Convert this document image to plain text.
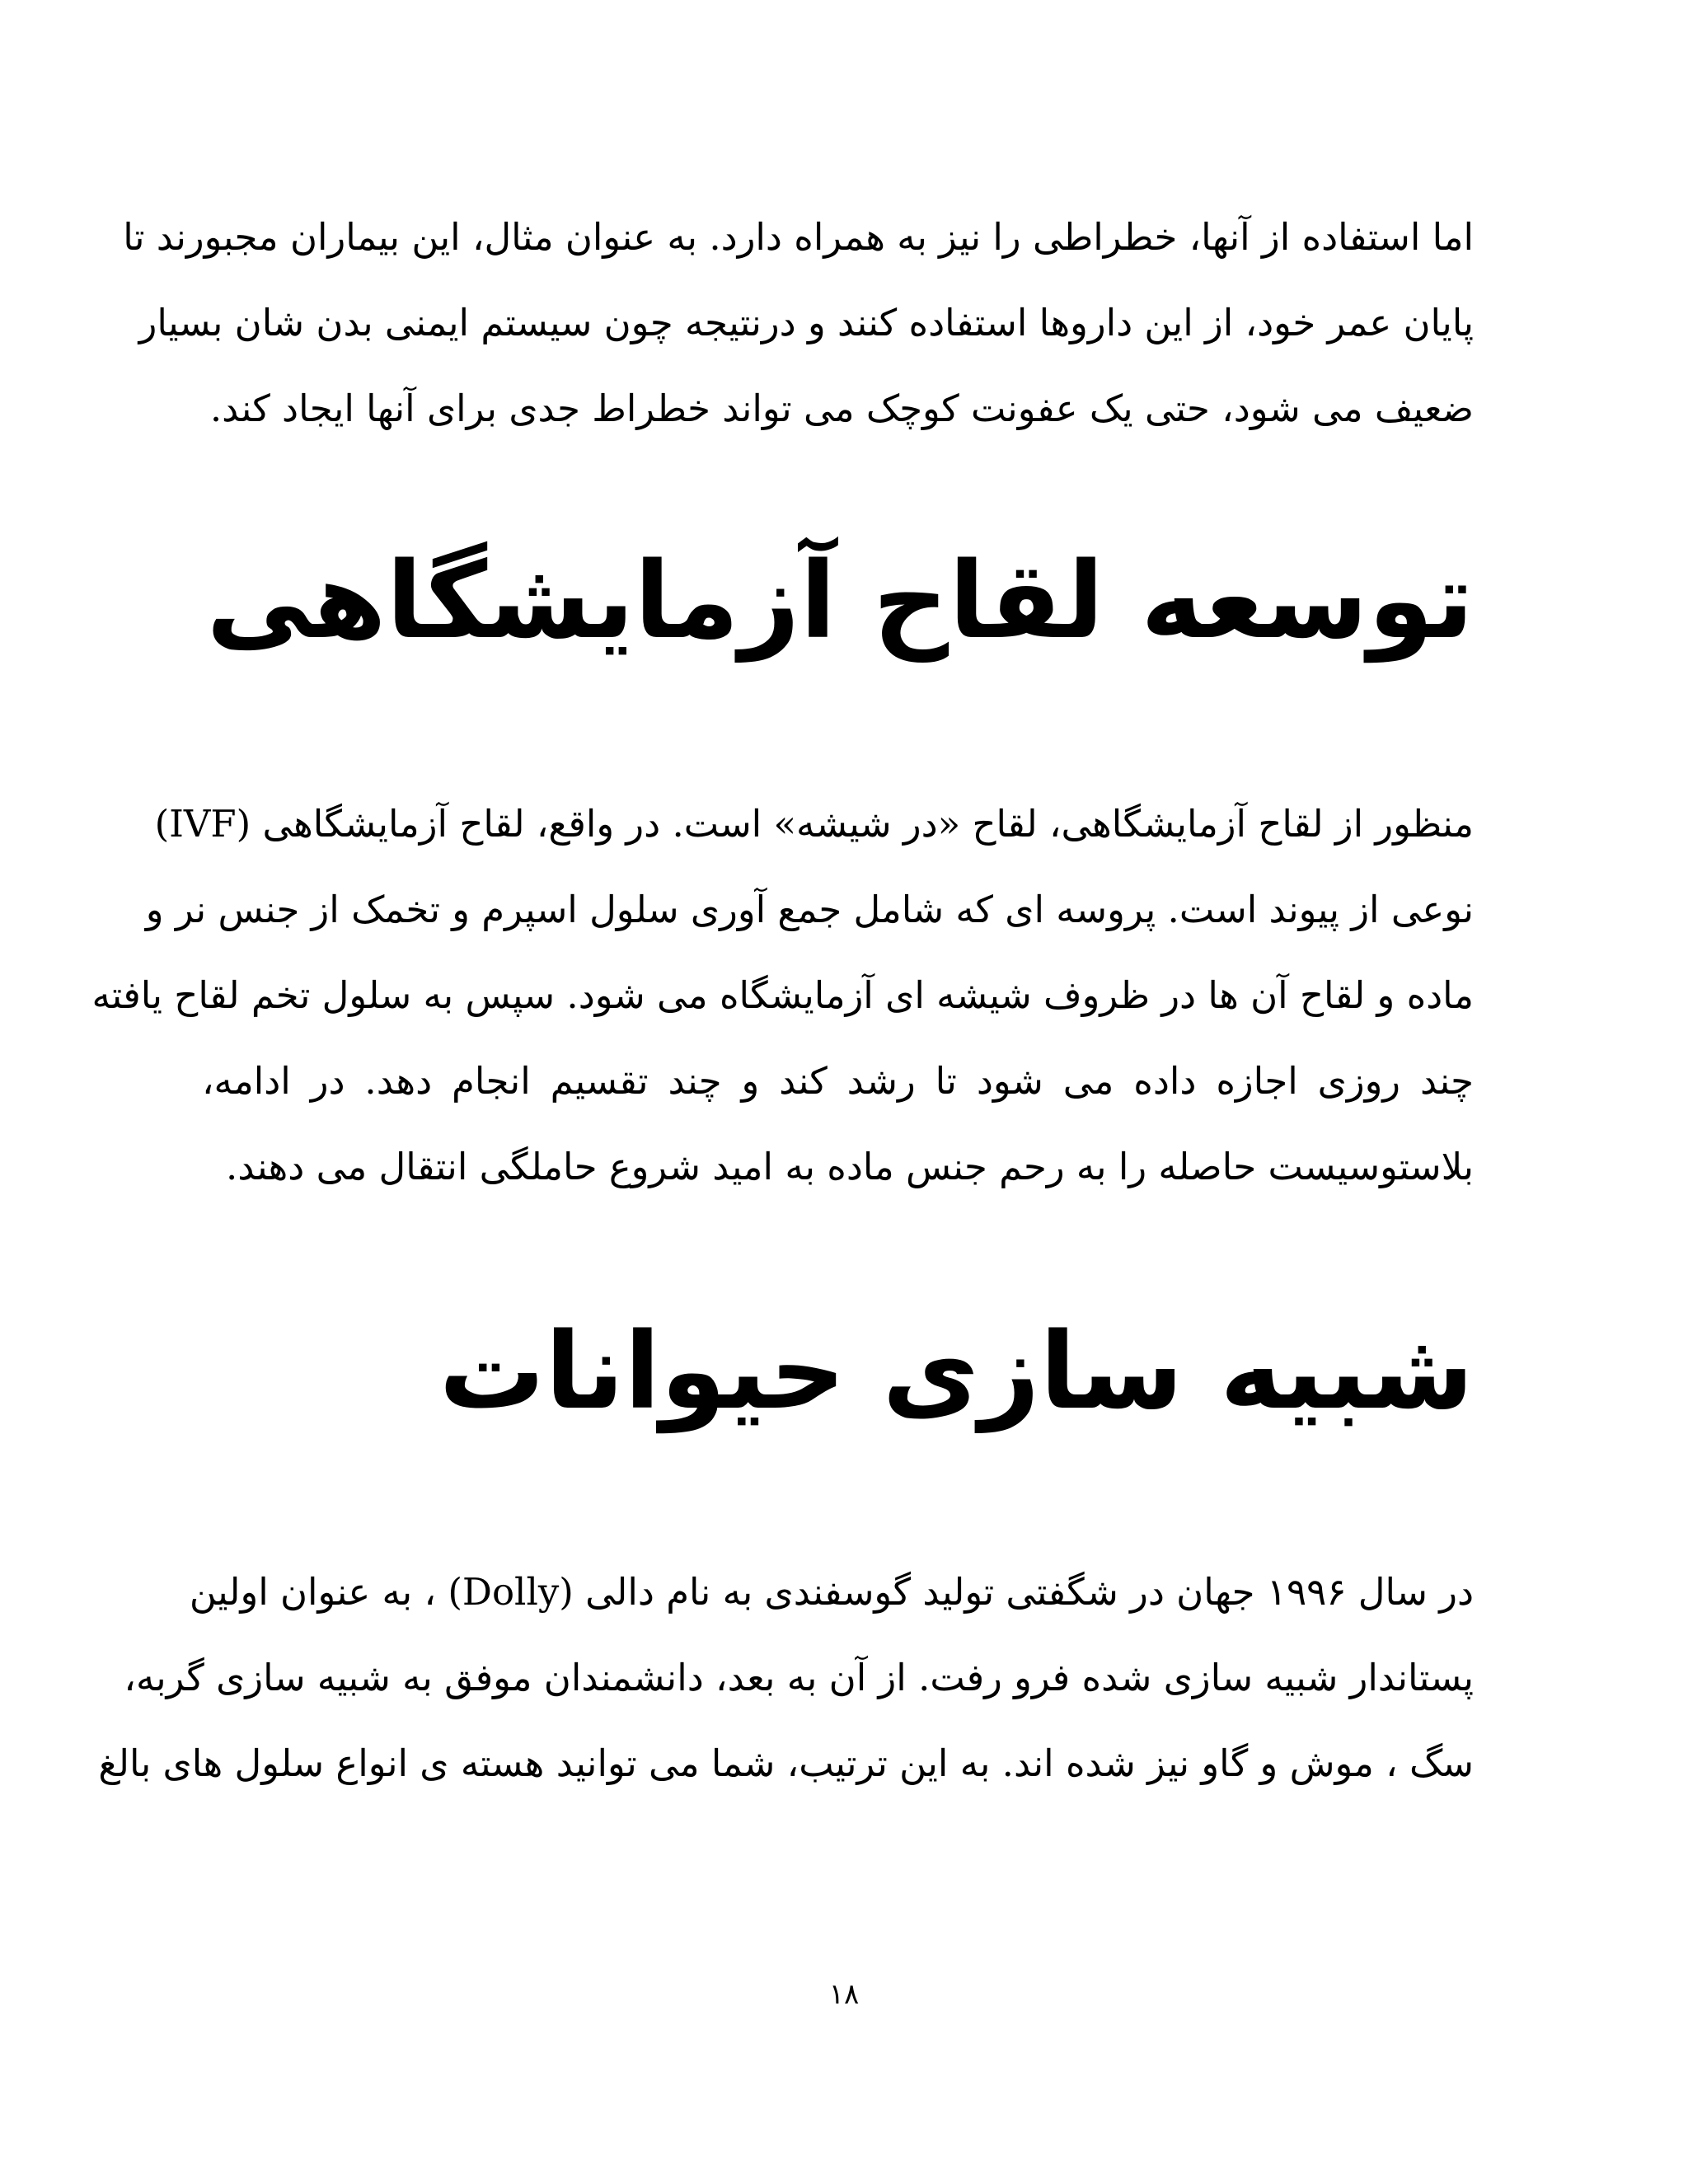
اما استفاده از آنها، خطراطی را نیز به همراه دارد. به عنوان مثال، این بیماران مجبورند تا
پایان عمر خود، از این داروها استفاده کنند و درنتیجه چون سیستم ایمنی بدن شان بسیار
ضعیف می شود، حتی یک عفونت کوچک می تواند خطراط جدی برای آنها ایجاد کند.

توسعه لقاح آزمایشگاهی

منظور از لقاح آزمایشگاهی، لقاح «در شیشه» است. در واقع، لقاح آزمایشگاهی (IVF)
نوعی از پیوند است. پروسه ای که شامل جمع آوری سلول اسپرم و تخمک از جنس نر و
ماده و لقاح آن ها در ظروف شیشه ای آزمایشگاه می شود. سپس به سلول تخم لقاح یافته
چند روزی اجازه داده می شود تا رشد کند و چند تقسیم انجام دهد. در ادامه،
بلاستوسیست حاصله را به رحم جنس ماده به امید شروع حاملگی انتقال می دهند.

شبیه سازی حیوانات

در سال ۱۹۹۶ جهان در شگفتی تولید گوسفندی به نام دالی (Dolly) ، به عنوان اولین
پستاندار شبیه سازی شده فرو رفت. از آن به بعد، دانشمندان موفق به شبیه سازی گربه،
سگ ، موش و گاو نیز شده اند. به این ترتیب، شما می توانید هسته ی انواع سلول های بالغ

۱۸
